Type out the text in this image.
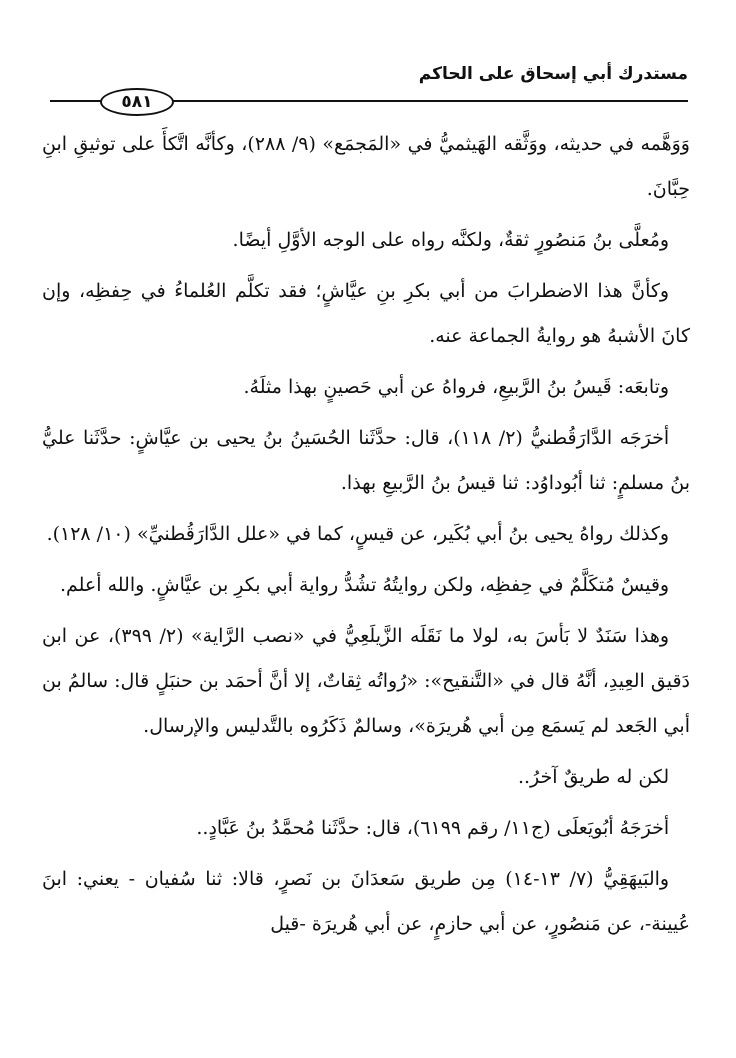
مستدرك أبي إسحاق على الحاكم
٥٨١

وَوَهَّمه في حديثه، ووَثَّقه الهَيثميُّ في «المَجمَع» (٩/ ٢٨٨)، وكأنَّه اتَّكأَ على توثيقِ ابنِ حِبَّانَ.

ومُعلَّى بنُ مَنصُورٍ ثقةٌ، ولكنَّه رواه على الوجه الأوَّلِ أيضًا.

وكأنَّ هذا الاضطرابَ من أبي بكرِ بنِ عيَّاشٍ؛ فقد تكلَّم العُلماءُ في حِفظِه، وإن كانَ الأشبهُ هو روايةُ الجماعة عنه.

وتابعَه: قَيسُ بنُ الرَّبيعِ، فرواهُ عن أبي حَصينٍ بهذا مثلَهُ.

أخرَجَه الدَّارَقُطنيُّ (٢/ ١١٨)، قال: حدَّثَنا الحُسَينُ بنُ يحيى بن عيَّاشٍ: حدَّثَنا عليُّ بنُ مسلمٍ: ثنا أبُوداوُد: ثنا قيسُ بنُ الرَّبيعِ بهذا.

وكذلك رواهُ يحيى بنُ أبي بُكَير، عن قيسٍ، كما في «علل الدَّارَقُطنيِّ» (١٠/ ١٢٨).

وقيسٌ مُتكَلَّمٌ في حِفظِه، ولكن روايتُهُ تشُدُّ رواية أبي بكرِ بن عيَّاشٍ. والله أعلم.

وهذا سَنَدٌ لا بَأسَ به، لولا ما نَقَلَه الزَّيلَعِيُّ في «نصب الرَّاية» (٢/ ٣٩٩)، عن ابن دَقيق العِيدِ، أنَّهُ قال في «التَّنقيح»: «رُواتُه ثِقاتٌ، إلا أنَّ أحمَد بن حنبَلٍ قال: سالمُ بن أبي الجَعد لم يَسمَع مِن أبي هُريرَة»، وسالمٌ ذَكَرُوه بالتَّدليس والإرسال.

لكن له طريقٌ آخرُ..

أخرَجَهُ أبُويَعلَى (ج١١/ رقم ٦١٩٩)، قال: حدَّثَنا مُحمَّدُ بنُ عَبَّادٍ..

والبَيهَقِيُّ (٧/ ١٣-١٤) مِن طريق سَعدَانَ بن نَصرٍ، قالا: ثنا سُفيان - يعني: ابنَ عُيينة-، عن مَنصُورٍ، عن أبي حازمٍ، عن أبي هُريرَة -قيل
